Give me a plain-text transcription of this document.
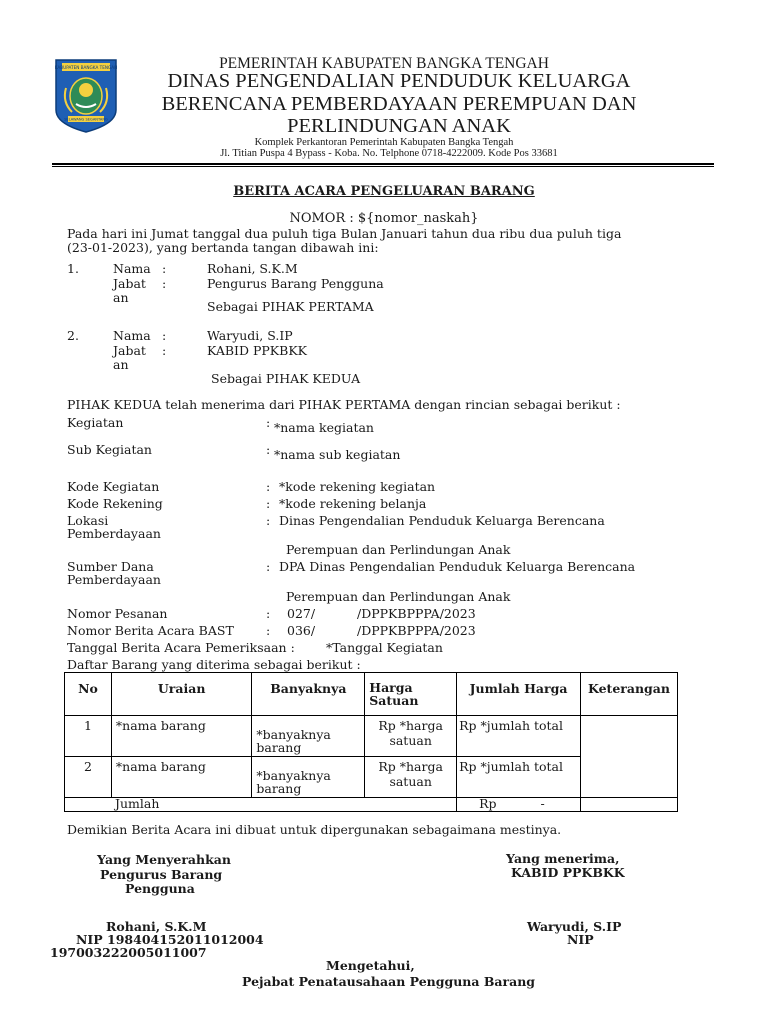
KABUPATEN BANGKA TENGAH
SELAWANG SEGANTANG
PEMERINTAH KABUPATEN BANGKA TENGAH
DINAS PENGENDALIAN PENDUDUK KELUARGA
BERENCANA PEMBERDAYAAN PEREMPUAN DAN
PERLINDUNGAN ANAK
Komplek Perkantoran Pemerintah Kabupaten Bangka Tengah
Jl. Titian Puspa 4 Bypass - Koba. No. Telphone 0718-4222009. Kode Pos 33681
BERITA ACARA PENGELUARAN BARANG
NOMOR : ${nomor_naskah}
Pada hari ini Jumat tanggal dua puluh tiga Bulan Januari tahun dua ribu dua puluh tiga
(23-01-2023), yang bertanda tangan dibawah ini:
1.	Nama :	Rohani, S.K.M
Jabat :
an
Pengurus Barang Pengguna
Sebagai PIHAK PERTAMA
2.	Nama :	Waryudi, S.IP
Jabat :
an
KABID PPKBKK
Sebagai PIHAK KEDUA
PIHAK KEDUA telah menerima dari PIHAK PERTAMA dengan rincian sebagai berikut :
Kegiatan	: *nama kegiatan
Sub Kegiatan	: *nama sub kegiatan
Kode Kegiatan	: *kode rekening kegiatan
Kode Rekening	: *kode rekening belanja
Lokasi
Pemberdayaan
: Dinas Pengendalian Penduduk Keluarga Berencana
Perempuan dan Perlindungan Anak
Sumber Dana
Pemberdayaan
: DPA Dinas Pengendalian Penduduk Keluarga Berencana
Perempuan dan Perlindungan Anak
Nomor Pesanan	: 027/	/DPPKBPPPA/2023
Nomor Berita Acara BAST	: 036/	/DPPKBPPPA/2023
Tanggal Berita Acara Pemeriksaan : *Tanggal Kegiatan
Daftar Barang yang diterima sebagai berikut :
No	Uraian	Banyaknya	Harga Satuan	Jumlah Harga	Keterangan
1	*nama barang	*banyaknya barang	Rp *harga satuan	Rp *jumlah total	
2	*nama barang	*banyaknya barang	Rp *harga satuan	Rp *jumlah total	
Jumlah				Rp -	
Demikian Berita Acara ini dibuat untuk dipergunakan sebagaimana mestinya.
Yang Menyerahkan
Pengurus Barang
Pengguna
Rohani, S.K.M
NIP 198404152011012004
197003222005011007
Yang menerima,
KABID PPKBKK
Waryudi, S.IP
NIP
Mengetahui,
Pejabat Penatausahaan Pengguna Barang
